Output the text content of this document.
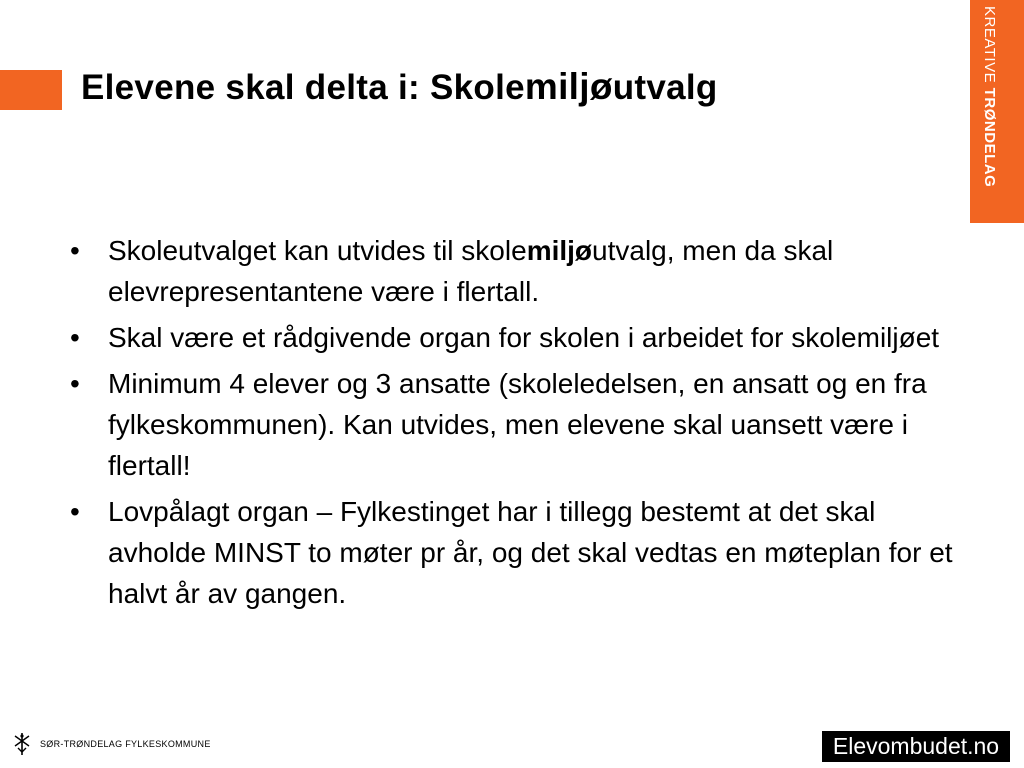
Elevene skal delta i: Skolemiljøutvalg	KREATIVE TRØNDELAG
• Skoleutvalget kan utvides til skolemiljøutvalg, men da skal elevrepresentantene være i flertall.
• Skal være et rådgivende organ for skolen i arbeidet for skolemiljøet
• Minimum 4 elever og 3 ansatte (skoleledelsen, en ansatt og en fra fylkeskommunen). Kan utvides, men elevene skal uansett være i flertall!
• Lovpålagt organ – Fylkestinget har i tillegg bestemt at det skal avholde MINST to møter pr år, og det skal vedtas en møteplan for et halvt år av gangen.
SØR-TRØNDELAG FYLKESKOMMUNE	Elevombudet.no
